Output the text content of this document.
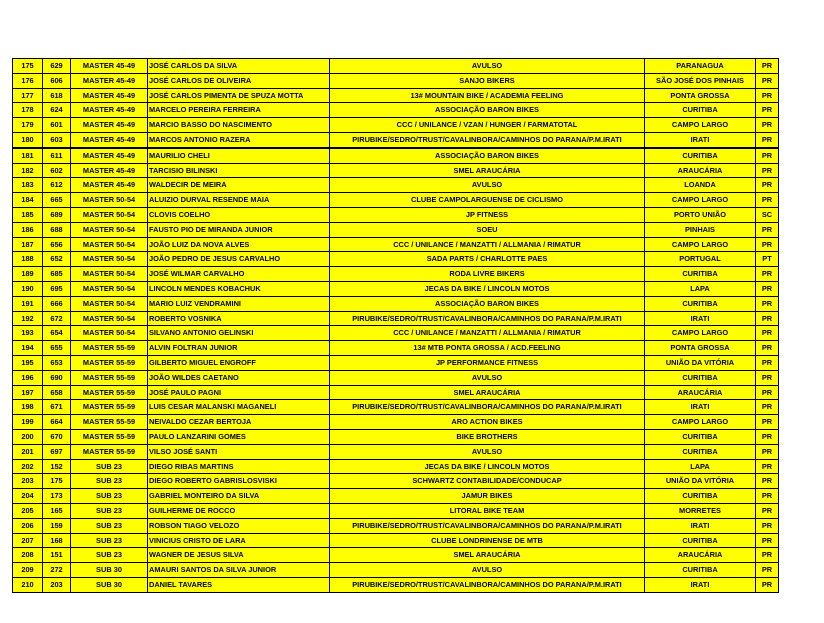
175	629	MASTER 45-49	JOSÉ CARLOS DA SILVA	AVULSO	PARANAGUA	PR
176	606	MASTER 45-49	JOSÉ CARLOS DE OLIVEIRA	SANJO BIKERS	SÃO JOSÉ DOS PINHAIS	PR
177	618	MASTER 45-49	JOSÉ CARLOS PIMENTA DE SPUZA MOTTA	13# MOUNTAIN BIKE / ACADEMIA FEELING	PONTA GROSSA	PR
178	624	MASTER 45-49	MARCELO PEREIRA FERREIRA	ASSOCIAÇÃO BARON BIKES	CURITIBA	PR
179	601	MASTER 45-49	MARCIO BASSO DO NASCIMENTO	CCC / UNILANCE / VZAN / HUNGER / FARMATOTAL	CAMPO LARGO	PR
180	603	MASTER 45-49	MARCOS ANTONIO RAZERA	PIRUBIKE/SEDRO/TRUST/CAVALINBORA/CAMINHOS DO PARANA/P.M.IRATI	IRATI	PR
181	611	MASTER 45-49	MAURILIO CHELI	ASSOCIAÇÃO BARON BIKES	CURITIBA	PR
182	602	MASTER 45-49	TARCISIO BILINSKI	SMEL ARAUCÁRIA	ARAUCÁRIA	PR
183	612	MASTER 45-49	WALDECIR DE MEIRA	AVULSO	LOANDA	PR
184	665	MASTER 50-54	ALUIZIO DURVAL RESENDE MAIA	CLUBE CAMPOLARGUENSE DE CICLISMO	CAMPO LARGO	PR
185	689	MASTER 50-54	CLOVIS COELHO	JP FITNESS	PORTO UNIÃO	SC
186	688	MASTER 50-54	FAUSTO PIO DE MIRANDA JUNIOR	SOEU	PINHAIS	PR
187	656	MASTER 50-54	JOÃO LUIZ DA NOVA ALVES	CCC / UNILANCE / MANZATTI / ALLMANIA / RIMATUR	CAMPO LARGO	PR
188	652	MASTER 50-54	JOÃO PEDRO DE JESUS CARVALHO	SADA PARTS / CHARLOTTE PAES	PORTUGAL	PT
189	685	MASTER 50-54	JOSÉ WILMAR CARVALHO	RODA LIVRE BIKERS	CURITIBA	PR
190	695	MASTER 50-54	LINCOLN MENDES KOBACHUK	JECAS DA BIKE / LINCOLN MOTOS	LAPA	PR
191	666	MASTER 50-54	MARIO LUIZ VENDRAMINI	ASSOCIAÇÃO BARON BIKES	CURITIBA	PR
192	672	MASTER 50-54	ROBERTO VOSNIKA	PIRUBIKE/SEDRO/TRUST/CAVALINBORA/CAMINHOS DO PARANA/P.M.IRATI	IRATI	PR
193	654	MASTER 50-54	SILVANO ANTONIO GELINSKI	CCC / UNILANCE / MANZATTI / ALLMANIA / RIMATUR	CAMPO LARGO	PR
194	655	MASTER 55-59	ALVIN FOLTRAN JUNIOR	13# MTB PONTA GROSSA / ACD.FEELING	PONTA GROSSA	PR
195	653	MASTER 55-59	GILBERTO MIGUEL ENGROFF	JP PERFORMANCE FITNESS	UNIÃO DA VITÓRIA	PR
196	690	MASTER 55-59	JOÃO WILDES CAETANO	AVULSO	CURITIBA	PR
197	658	MASTER 55-59	JOSÉ PAULO PAGNI	SMEL ARAUCÁRIA	ARAUCÁRIA	PR
198	671	MASTER 55-59	LUIS CESAR MALANSKI MAGANELI	PIRUBIKE/SEDRO/TRUST/CAVALINBORA/CAMINHOS DO PARANA/P.M.IRATI	IRATI	PR
199	664	MASTER 55-59	NEIVALDO CEZAR BERTOJA	ARO ACTION BIKES	CAMPO LARGO	PR
200	670	MASTER 55-59	PAULO LANZARINI GOMES	BIKE BROTHERS	CURITIBA	PR
201	697	MASTER 55-59	VILSO JOSÉ SANTI	AVULSO	CURITIBA	PR
202	152	SUB 23	DIEGO RIBAS MARTINS	JECAS DA BIKE / LINCOLN MOTOS	LAPA	PR
203	175	SUB 23	DIEGO ROBERTO GABRISLOSVISKI	SCHWARTZ CONTABILIDADE/CONDUCAP	UNIÃO DA VITÓRIA	PR
204	173	SUB 23	GABRIEL MONTEIRO DA SILVA	JAMUR BIKES	CURITIBA	PR
205	165	SUB 23	GUILHERME DE ROCCO	LITORAL BIKE TEAM	MORRETES	PR
206	159	SUB 23	ROBSON TIAGO VELOZO	PIRUBIKE/SEDRO/TRUST/CAVALINBORA/CAMINHOS DO PARANA/P.M.IRATI	IRATI	PR
207	168	SUB 23	VINICIUS CRISTO DE LARA	CLUBE LONDRINENSE DE MTB	CURITIBA	PR
208	151	SUB 23	WAGNER DE JESUS SILVA	SMEL ARAUCÁRIA	ARAUCÁRIA	PR
209	272	SUB 30	AMAURI SANTOS DA SILVA JUNIOR	AVULSO	CURITIBA	PR
210	203	SUB 30	DANIEL TAVARES	PIRUBIKE/SEDRO/TRUST/CAVALINBORA/CAMINHOS DO PARANA/P.M.IRATI	IRATI	PR
